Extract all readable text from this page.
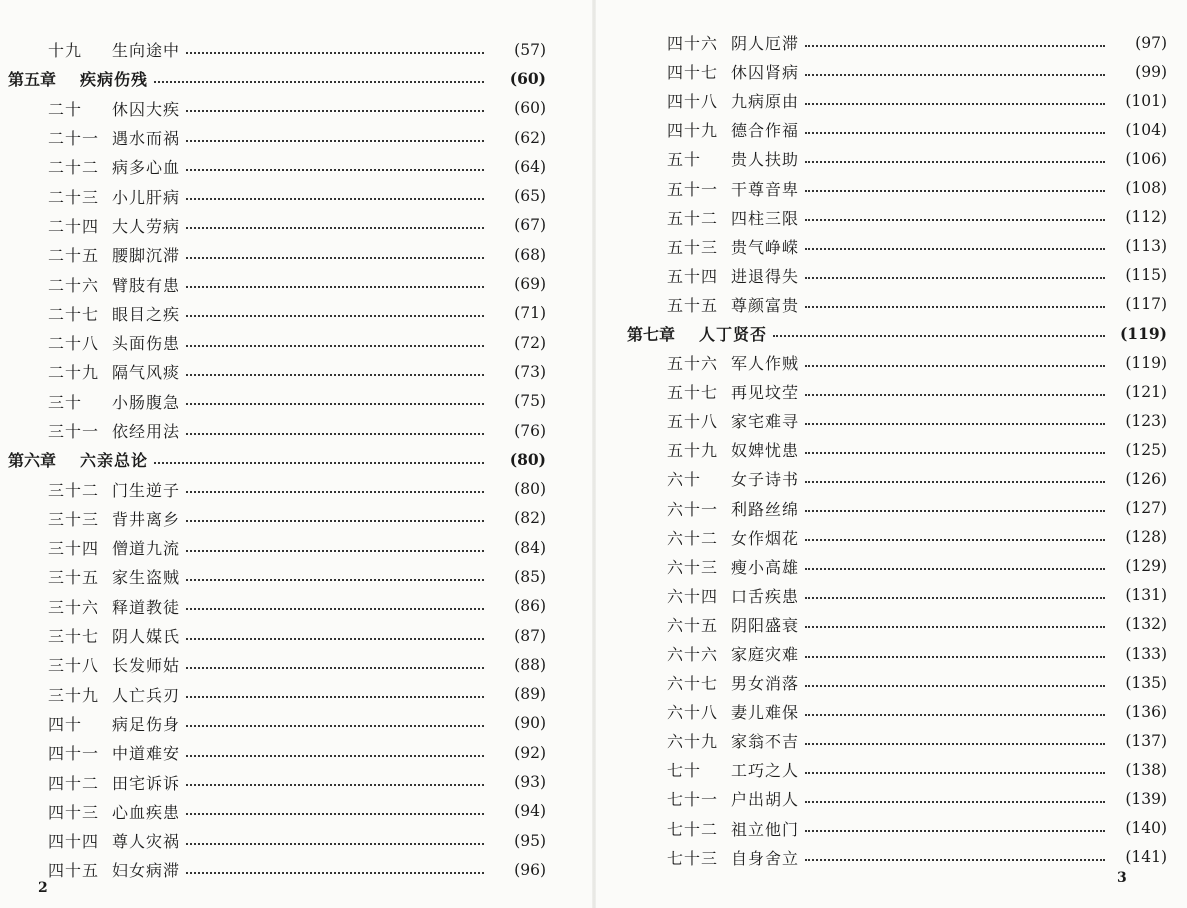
十九	生向途中	(57)
第五章	疾病伤残	(60)
二十	休囚大疾	(60)
二十一 遇水而祸	(62)
二十二 病多心血	(64)
二十三 小儿肝病	(65)
二十四 大人劳病	(67)
二十五 腰脚沉滞	(68)
二十六 臂肢有患	(69)
二十七 眼目之疾	(71)
二十八 头面伤患	(72)
二十九 隔气风痰	(73)
三十	小肠腹急	(75)
三十一 依经用法	(76)
第六章	六亲总论	(80)
三十二 门生逆子	(80)
三十三 背井离乡	(82)
三十四 僧道九流	(84)
三十五 家生盗贼	(85)
三十六 释道教徒	(86)
三十七 阴人媒氏	(87)
三十八 长发师姑	(88)
三十九 人亡兵刃	(89)
四十	病足伤身	(90)
四十一 中道难安	(92)
四十二 田宅诉诉	(93)
四十三 心血疾患	(94)
四十四 尊人灾祸	(95)
四十五 妇女病滞	(96)
2
四十六 阴人厄滞	(97)
四十七 休囚肾病	(99)
四十八 九病原由	(101)
四十九 德合作福	(104)
五十	贵人扶助	(106)
五十一 干尊音卑	(108)
五十二 四柱三限	(112)
五十三 贵气峥嵘	(113)
五十四 进退得失	(115)
五十五 尊颜富贵	(117)
第七章	人丁贤否	(119)
五十六 军人作贼	(119)
五十七 再见坟茔	(121)
五十八 家宅难寻	(123)
五十九 奴婢忧患	(125)
六十	女子诗书	(126)
六十一 利路丝绵	(127)
六十二 女作烟花	(128)
六十三 瘦小高雄	(129)
六十四 口舌疾患	(131)
六十五 阴阳盛衰	(132)
六十六 家庭灾难	(133)
六十七 男女消落	(135)
六十八 妻儿难保	(136)
六十九 家翁不吉	(137)
七十	工巧之人	(138)
七十一 户出胡人	(139)
七十二 祖立他门	(140)
七十三 自身舍立	(141)
3
